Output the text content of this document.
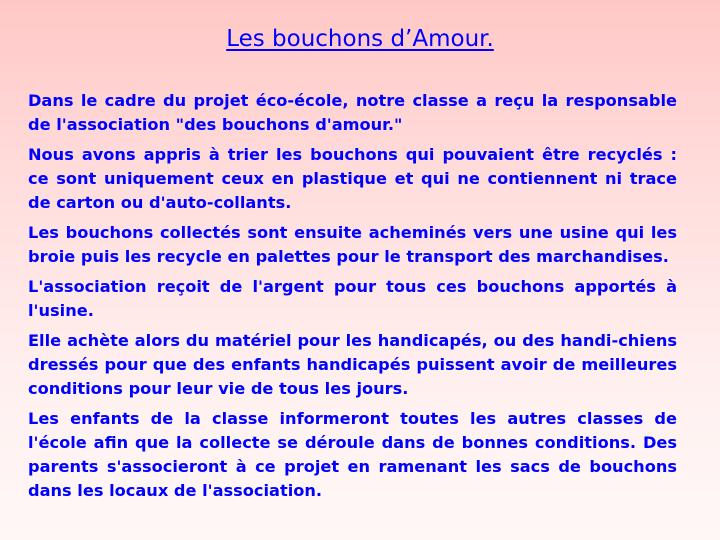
Les bouchons d’Amour.

Dans le cadre du projet éco-école, notre classe a reçu la responsable de l'association "des bouchons d'amour."

Nous avons appris à trier les bouchons qui pouvaient être recyclés : ce sont uniquement ceux en plastique et qui ne contiennent ni trace de carton ou d'auto-collants.

Les bouchons collectés sont ensuite acheminés vers une usine qui les broie puis les recycle en palettes pour le transport des marchandises.

L'association reçoit de l'argent pour tous ces bouchons apportés à l'usine.

Elle achète alors du matériel pour les handicapés, ou des handi-chiens dressés pour que des enfants handicapés puissent avoir de meilleures conditions pour leur vie de tous les jours.

Les enfants de la classe informeront toutes les autres classes de l'école afin que la collecte se déroule dans de bonnes conditions. Des parents s'associeront à ce projet en ramenant les sacs de bouchons dans les locaux de l'association.
